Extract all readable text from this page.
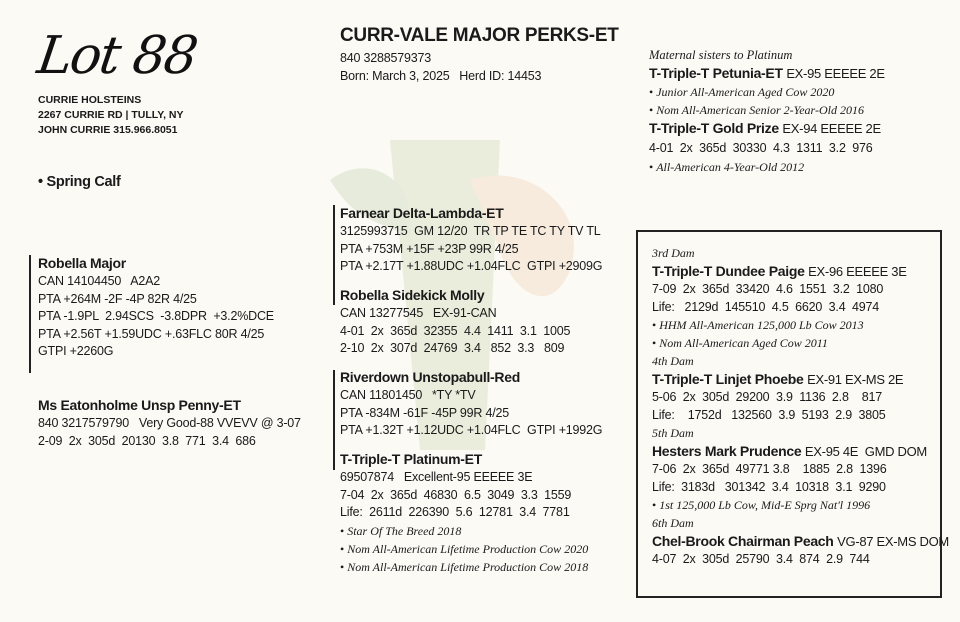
Lot 88
CURRIE HOLSTEINS
2267 CURRIE RD | TULLY, NY
JOHN CURRIE 315.966.8051
• Spring Calf
CURR-VALE MAJOR PERKS-ET
840 3288579373
Born: March 3, 2025   Herd ID: 14453
Maternal sisters to Platinum
T-Triple-T Petunia-ET EX-95 EEEEE 2E
• Junior All-American Aged Cow 2020
• Nom All-American Senior 2-Year-Old 2016
T-Triple-T Gold Prize EX-94 EEEEE 2E
4-01  2x  365d  30330  4.3  1311  3.2  976
• All-American 4-Year-Old 2012
Robella Major
CAN 14104450   A2A2
PTA +264M -2F -4P 82R 4/25
PTA -1.9PL  2.94SCS  -3.8DPR  +3.2%DCE
PTA +2.56T +1.59UDC +.63FLC 80R 4/25
GTPI +2260G
Ms Eatonholme Unsp Penny-ET
840 3217579790   Very Good-88 VVEVV @ 3-07
2-09  2x  305d  20130  3.8  771  3.4  686
Farnear Delta-Lambda-ET
3125993715  GM 12/20  TR TP TE TC TY TV TL
PTA +753M +15F +23P 99R 4/25
PTA +2.17T +1.88UDC +1.04FLC  GTPI +2909G
Robella Sidekick Molly
CAN 13277545   EX-91-CAN
4-01  2x  365d  32355  4.4  1411  3.1  1005
2-10  2x  307d  24769  3.4   852  3.3   809
Riverdown Unstopabull-Red
CAN 11801450   *TY *TV
PTA -834M -61F -45P 99R 4/25
PTA +1.32T +1.12UDC +1.04FLC  GTPI +1992G
T-Triple-T Platinum-ET
69507874   Excellent-95 EEEEE 3E
7-04  2x  365d  46830  6.5  3049  3.3  1559
Life:  2611d  226390  5.6  12781  3.4  7781
• Star Of The Breed 2018
• Nom All-American Lifetime Production Cow 2020
• Nom All-American Lifetime Production Cow 2018
3rd Dam
T-Triple-T Dundee Paige EX-96 EEEEE 3E
7-09  2x  365d  33420  4.6  1551  3.2  1080
Life:   2129d  145510  4.5  6620  3.4  4974
• HHM All-American 125,000 Lb Cow 2013
• Nom All-American Aged Cow 2011
4th Dam
T-Triple-T Linjet Phoebe EX-91 EX-MS 2E
5-06  2x  305d  29200  3.9  1136  2.8    817
Life:    1752d   132560  3.9  5193  2.9  3805
5th Dam
Hesters Mark Prudence EX-95 4E  GMD DOM
7-06  2x  365d  49771 3.8    1885  2.8  1396
Life:  3183d   301342  3.4  10318  3.1  9290
• 1st 125,000 Lb Cow, Mid-E Sprg Nat'l 1996
6th Dam
Chel-Brook Chairman Peach VG-87 EX-MS DOM
4-07  2x  305d  25790  3.4  874  2.9  744
